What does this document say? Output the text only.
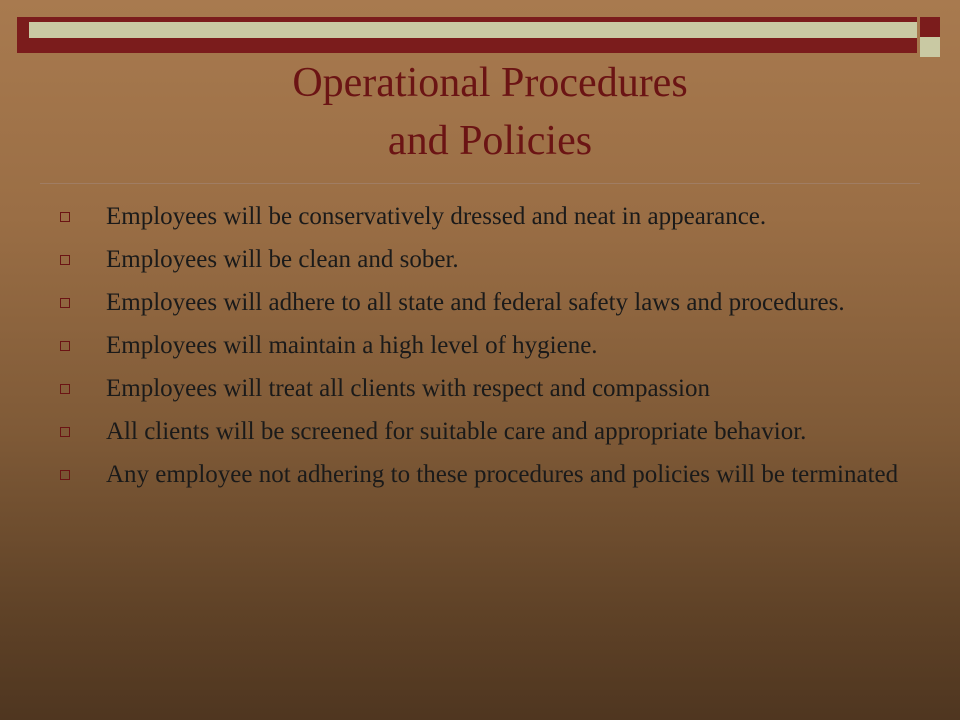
Operational Procedures
and Policies
Employees will be conservatively dressed and neat in appearance.
Employees will be clean and sober.
Employees will adhere to all state and federal safety laws and procedures.
Employees will maintain a high level of hygiene.
Employees will treat all clients with respect and compassion
All clients will be screened for suitable care and appropriate behavior.
Any employee not adhering to these procedures and policies will be terminated
